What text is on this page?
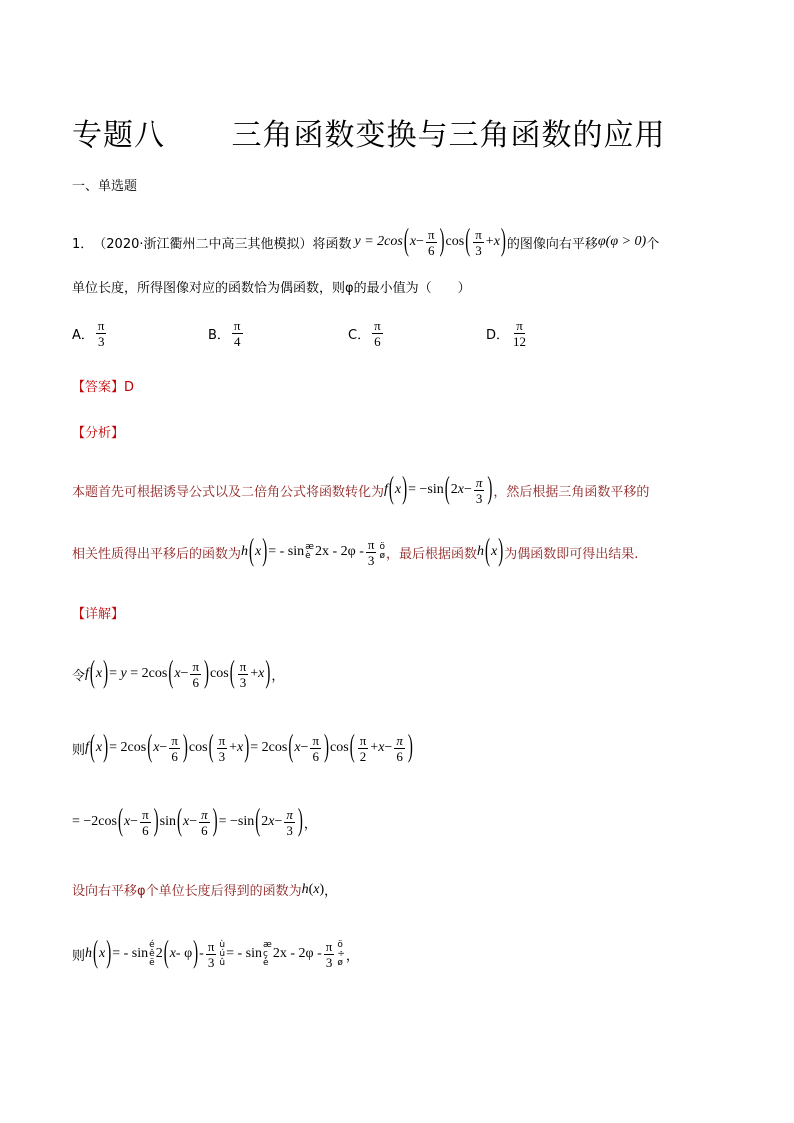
专题八 三角函数变换与三角函数的应用
一、单选题
1． （2020·浙江衢州二中高三其他模拟）将函数 y = 2cos ( $x - \frac{\pi}{6}$ ) cos ( $\frac{\pi}{3} + x$ ) 的图像向右平移 φ(φ > 0) 个
单位长度，所得图像对应的函数恰为偶函数，则φ的最小值为（　　）
A． $\frac{\pi}{3}$	B． $\frac{\pi}{4}$	C． $\frac{\pi}{6}$	D． $\frac{\pi}{12}$
【答案】D
【分析】
本题首先可根据诱导公式以及二倍角公式将函数转化为 f ( x ) = −sin ( $2x- \frac{\pi}{3}$ ) ，然后根据三角函数平移的
相关性质得出平移后的函数为 h ( x ) = - sin æ
è $2x - 2\varphi - \frac{\pi}{3}$ ö
ø ，最后根据函数 h ( x ) 为偶函数即可得出结果.
【详解】
令 f ( x ) = y = 2cos ( $x - \frac{\pi}{6}$ ) cos ( $\frac{\pi}{3} + x$ ) ，
则 f ( x ) = 2cos ( $x - \frac{\pi}{6}$ ) cos ( $\frac{\pi}{3} + x$ ) = 2cos ( $x - \frac{\pi}{6}$ ) cos ( $\frac{\pi}{2} + x - \frac{\pi}{6}$ )
= −2cos ( $x - \frac{\pi}{6}$ ) sin ( $x - \frac{\pi}{6}$ ) = −sin ( $2x- \frac{\pi}{3}$ ) ，
设向右平移φ个单位长度后得到的函数为 h ( x ) ，
则 h ( x ) = - sin
é
ê
ë
2 ( x - φ ) - $\frac{\pi}{3}$ ù
ú
û
= - sin
æ
ç
è
$2x - 2\varphi - \frac{\pi}{3}$ ö
÷
ø ，
